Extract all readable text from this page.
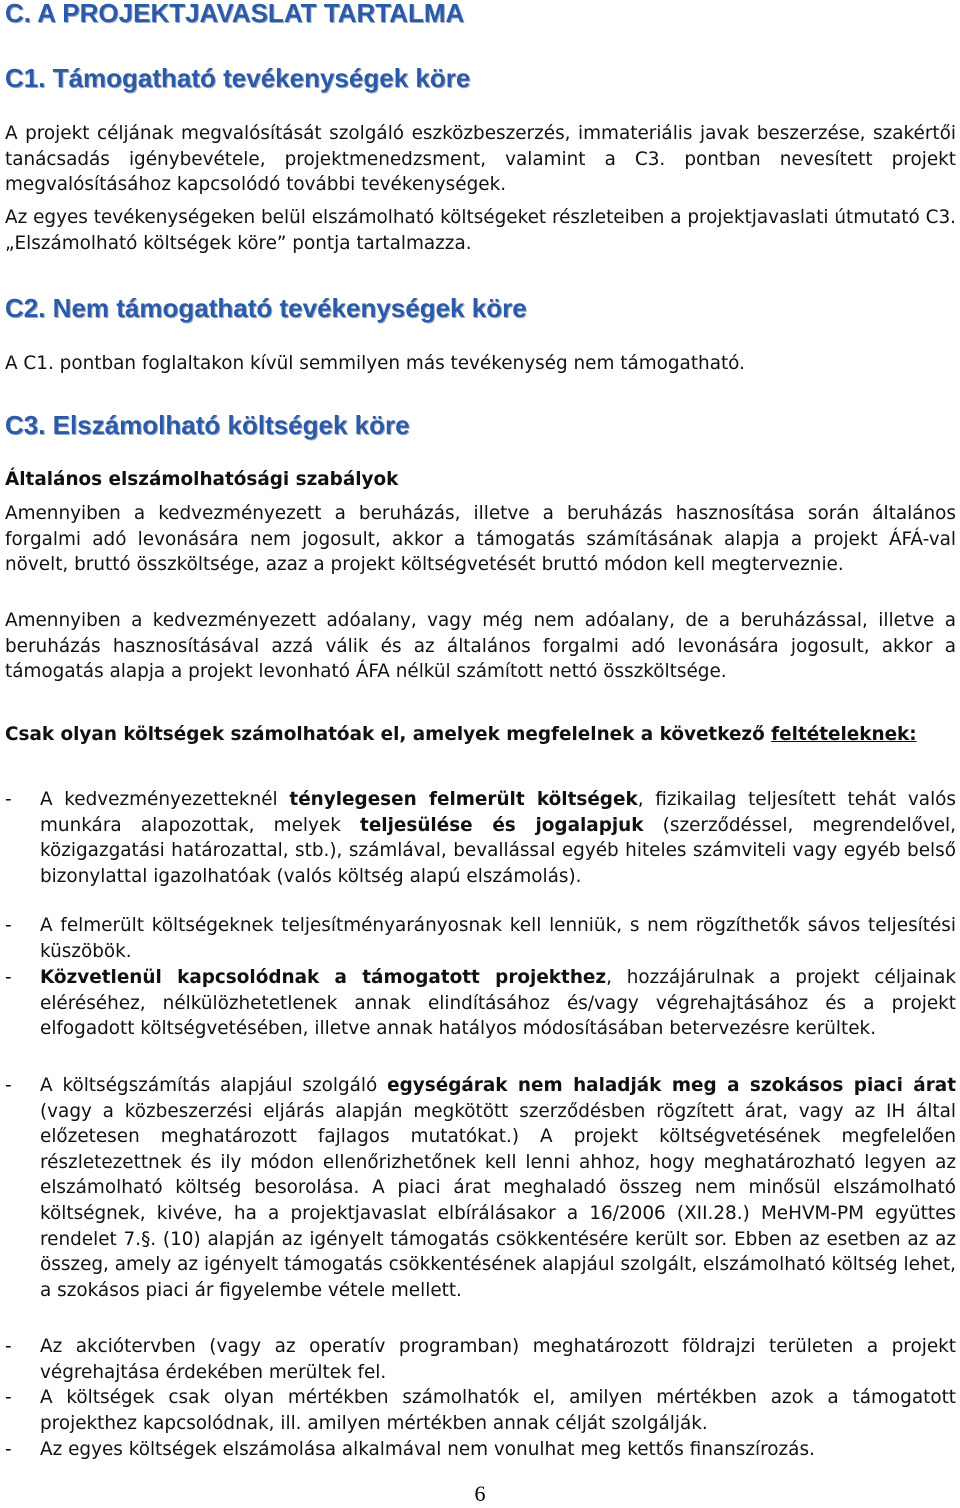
C. A PROJEKTJAVASLAT TARTALMA
C1. Támogatható tevékenységek köre

A projekt céljának megvalósítását szolgáló eszközbeszerzés, immateriális javak beszerzése, szakértői tanácsadás igénybevétele, projektmenedzsment, valamint a C3. pontban nevesített projekt megvalósításához kapcsolódó további tevékenységek.

Az egyes tevékenységeken belül elszámolható költségeket részleteiben a projektjavaslati útmutató C3. „Elszámolható költségek köre” pontja tartalmazza.

C2. Nem támogatható tevékenységek köre

A C1. pontban foglaltakon kívül semmilyen más tevékenység nem támogatható.

C3. Elszámolható költségek köre

Általános elszámolhatósági szabályok

Amennyiben a kedvezményezett a beruházás, illetve a beruházás hasznosítása során általános forgalmi adó levonására nem jogosult, akkor a támogatás számításának alapja a projekt ÁFÁ-val növelt, bruttó összköltsége, azaz a projekt költségvetését bruttó módon kell megterveznie.

Amennyiben a kedvezményezett adóalany, vagy még nem adóalany, de a beruházással, illetve a beruházás hasznosításával azzá válik és az általános forgalmi adó levonására jogosult, akkor a támogatás alapja a projekt levonható ÁFA nélkül számított nettó összköltsége.

Csak olyan költségek számolhatóak el, amelyek megfelelnek a következő feltételeknek:

- A kedvezményezetteknél ténylegesen felmerült költségek, fizikailag teljesített tehát valós munkára alapozottak, melyek teljesülése és jogalapjuk (szerződéssel, megrendelővel, közigazgatási határozattal, stb.), számlával, bevallással egyéb hiteles számviteli vagy egyéb belső bizonylattal igazolhatóak (valós költség alapú elszámolás).

- A felmerült költségeknek teljesítményarányosnak kell lenniük, s nem rögzíthetők sávos teljesítési küszöbök.

- Közvetlenül kapcsolódnak a támogatott projekthez, hozzájárulnak a projekt céljainak eléréséhez, nélkülözhetetlenek annak elindításához és/vagy végrehajtásához és a projekt elfogadott költségvetésében, illetve annak hatályos módosításában betervezésre kerültek.

- A költségszámítás alapjául szolgáló egységárak nem haladják meg a szokásos piaci árat (vagy a közbeszerzési eljárás alapján megkötött szerződésben rögzített árat, vagy az IH által előzetesen meghatározott fajlagos mutatókat.) A projekt költségvetésének megfelelően részletezettnek és ily módon ellenőrizhetőnek kell lenni ahhoz, hogy meghatározható legyen az elszámolható költség besorolása. A piaci árat meghaladó összeg nem minősül elszámolható költségnek, kivéve, ha a projektjavaslat elbírálásakor a 16/2006 (XII.28.) MeHVM-PM együttes rendelet 7.§. (10) alapján az igényelt támogatás csökkentésére került sor. Ebben az esetben az az összeg, amely az igényelt támogatás csökkentésének alapjául szolgált, elszámolható költség lehet, a szokásos piaci ár figyelembe vétele mellett.

- Az akciótervben (vagy az operatív programban) meghatározott földrajzi területen a projekt végrehajtása érdekében merültek fel.

- A költségek csak olyan mértékben számolhatók el, amilyen mértékben azok a támogatott projekthez kapcsolódnak, ill. amilyen mértékben annak célját szolgálják.

- Az egyes költségek elszámolása alkalmával nem vonulhat meg kettős finanszírozás.

6
